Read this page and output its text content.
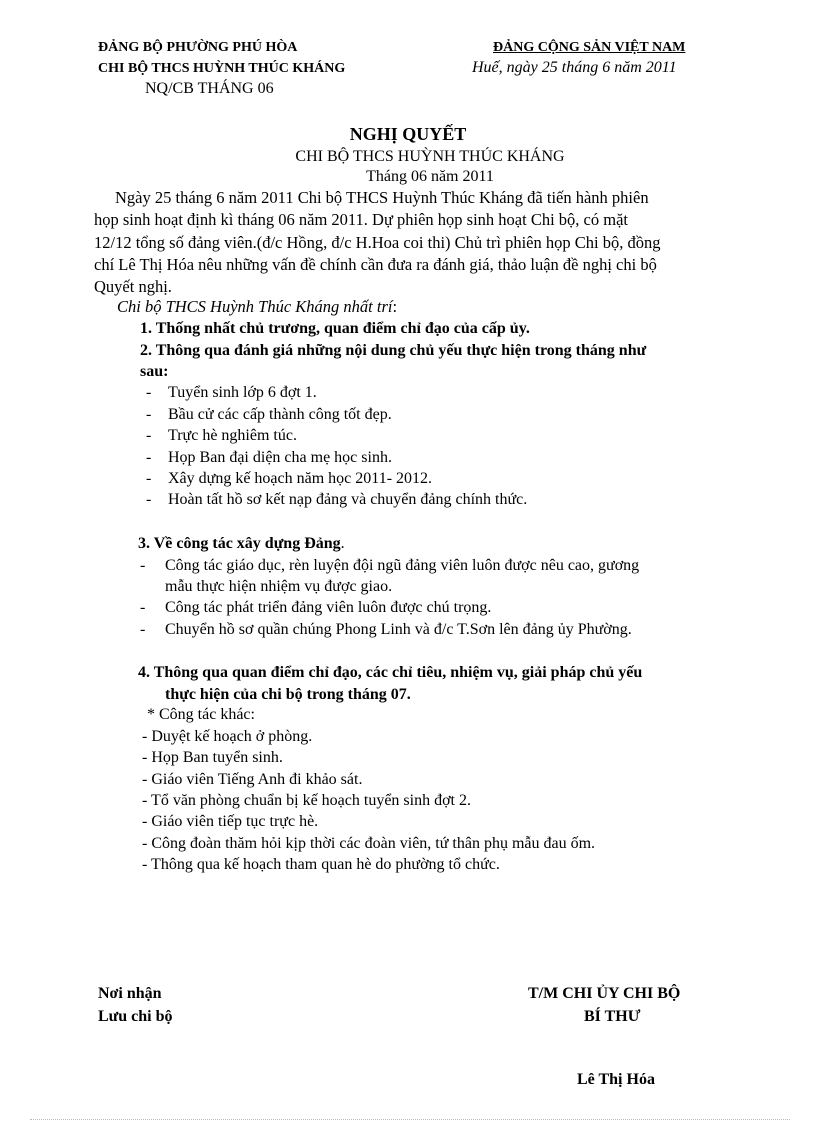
ĐẢNG BỘ PHƯỜNG PHÚ HÒA
CHI BỘ THCS HUỲNH THÚC KHÁNG
NQ/CB THÁNG 06
ĐẢNG CỘNG SẢN VIỆT NAM
Huế, ngày 25 tháng 6 năm 2011
NGHỊ QUYẾT
CHI BỘ THCS HUỲNH THÚC KHÁNG
Tháng 06 năm 2011
Ngày 25 tháng 6 năm 2011 Chi bộ THCS Huỳnh Thúc Kháng đã tiến hành phiên
họp sinh hoạt định kì tháng 06 năm 2011. Dự phiên họp sinh hoạt Chi bộ, có mặt
12/12 tổng số đảng viên.(đ/c Hồng, đ/c H.Hoa coi thi) Chủ trì phiên họp Chi bộ, đồng
chí Lê Thị Hóa nêu những vấn đề chính cần đưa ra đánh giá, thảo luận đề nghị chi bộ
Quyết nghị.
Chi bộ THCS Huỳnh Thúc Kháng nhất trí:
1. Thống nhất chủ trương, quan điểm chỉ đạo của cấp ủy.
2. Thông qua đánh giá những nội dung chủ yếu thực hiện trong tháng như
sau:
- Tuyển sinh lớp 6 đợt 1.
- Bầu cử các cấp thành công tốt đẹp.
- Trực hè nghiêm túc.
- Họp Ban đại diện cha mẹ học sinh.
- Xây dựng kế hoạch năm học 2011- 2012.
- Hoàn tất hồ sơ kết nạp đảng và chuyển đảng chính thức.
3. Về công tác xây dựng Đảng.
- Công tác giáo dục, rèn luyện đội ngũ đảng viên luôn được nêu cao, gương
mẫu thực hiện nhiệm vụ được giao.
- Công tác phát triển đảng viên luôn được chú trọng.
- Chuyển hồ sơ quần chúng Phong Linh và đ/c T.Sơn lên đảng ủy Phường.
4. Thông qua quan điểm chỉ đạo, các chỉ tiêu, nhiệm vụ, giải pháp chủ yếu
thực hiện của chi bộ trong tháng 07.
* Công tác khác:
- Duyệt kế hoạch ở phòng.
- Họp Ban tuyển sinh.
- Giáo viên Tiếng Anh đi khảo sát.
- Tổ văn phòng chuẩn bị kế hoạch tuyển sinh đợt 2.
- Giáo viên tiếp tục trực hè.
- Công đoàn thăm hỏi kịp thời các đoàn viên, tứ thân phụ mẫu đau ốm.
- Thông qua kế hoạch tham quan hè do phường tổ chức.
Nơi nhận
Lưu chi bộ
T/M CHI ỦY CHI BỘ
BÍ THƯ
Lê Thị Hóa
